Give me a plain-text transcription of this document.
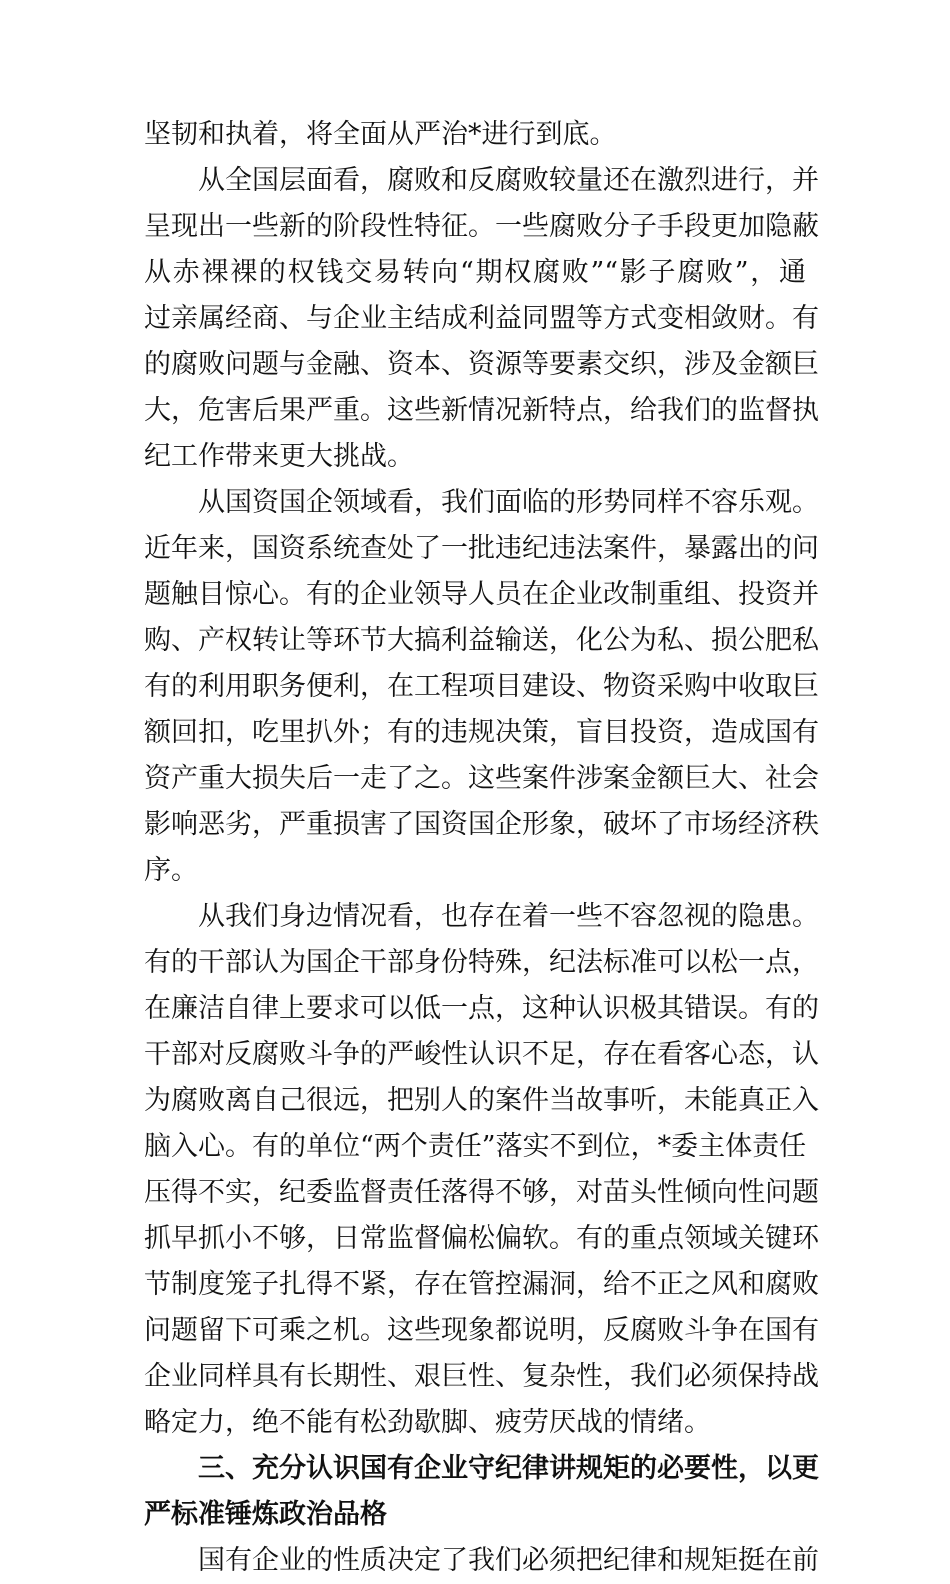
坚韧和执着，将全面从严治*进行到底。
从全国层面看，腐败和反腐败较量还在激烈进行，并
呈现出一些新的阶段性特征。一些腐败分子手段更加隐蔽
从赤裸裸的权钱交易转向“期权腐败”“影子腐败”，通
过亲属经商、与企业主结成利益同盟等方式变相敛财。有
的腐败问题与金融、资本、资源等要素交织，涉及金额巨
大，危害后果严重。这些新情况新特点，给我们的监督执
纪工作带来更大挑战。
从国资国企领域看，我们面临的形势同样不容乐观。
近年来，国资系统查处了一批违纪违法案件，暴露出的问
题触目惊心。有的企业领导人员在企业改制重组、投资并
购、产权转让等环节大搞利益输送，化公为私、损公肥私
有的利用职务便利，在工程项目建设、物资采购中收取巨
额回扣，吃里扒外；有的违规决策，盲目投资，造成国有
资产重大损失后一走了之。这些案件涉案金额巨大、社会
影响恶劣，严重损害了国资国企形象，破坏了市场经济秩
序。
从我们身边情况看，也存在着一些不容忽视的隐患。
有的干部认为国企干部身份特殊，纪法标准可以松一点，
在廉洁自律上要求可以低一点，这种认识极其错误。有的
干部对反腐败斗争的严峻性认识不足，存在看客心态，认
为腐败离自己很远，把别人的案件当故事听，未能真正入
脑入心。有的单位“两个责任”落实不到位，*委主体责任
压得不实，纪委监督责任落得不够，对苗头性倾向性问题
抓早抓小不够，日常监督偏松偏软。有的重点领域关键环
节制度笼子扎得不紧，存在管控漏洞，给不正之风和腐败
问题留下可乘之机。这些现象都说明，反腐败斗争在国有
企业同样具有长期性、艰巨性、复杂性，我们必须保持战
略定力，绝不能有松劲歇脚、疲劳厌战的情绪。
三、充分认识国有企业守纪律讲规矩的必要性，以更
严标准锤炼政治品格
国有企业的性质决定了我们必须把纪律和规矩挺在前
